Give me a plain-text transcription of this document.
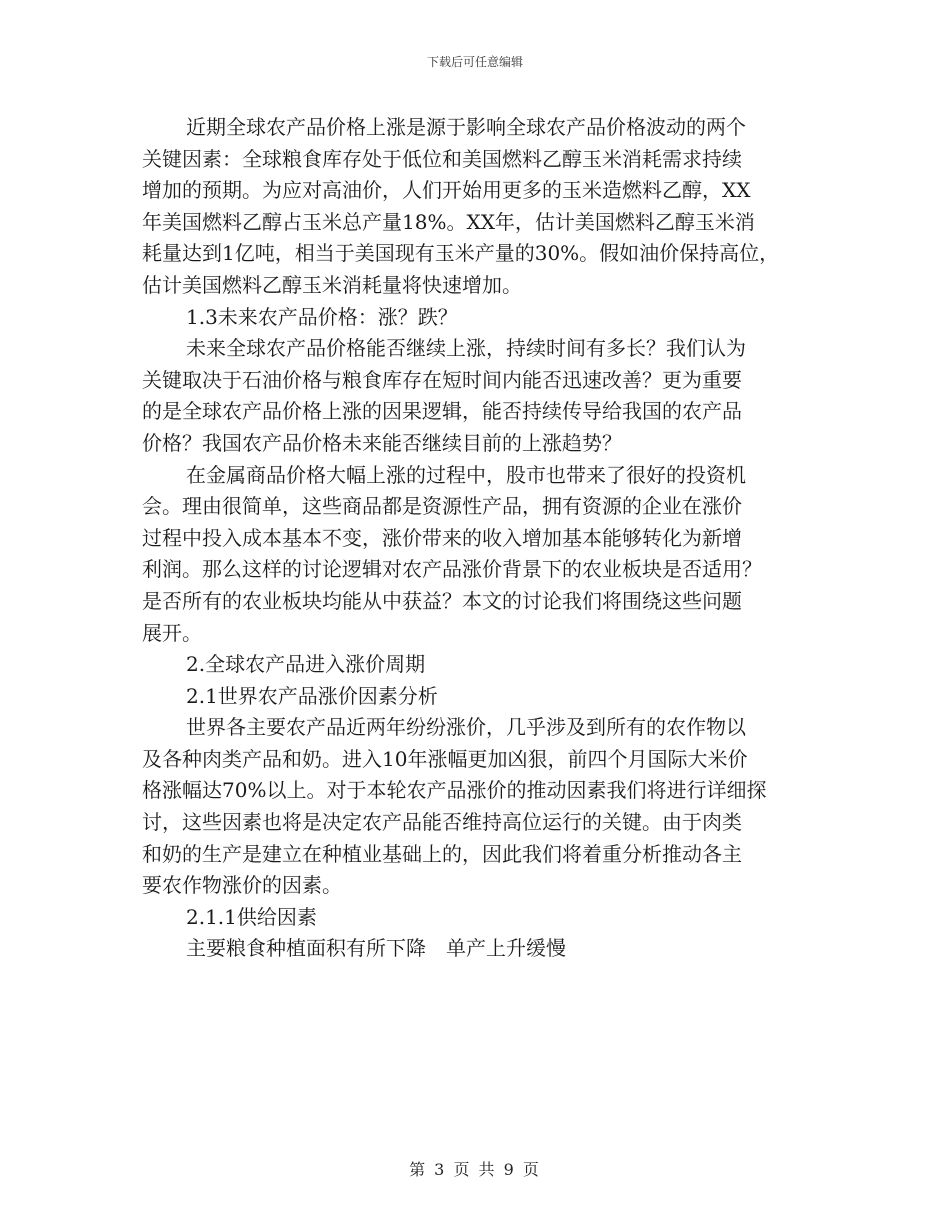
下载后可任意编辑
近期全球农产品价格上涨是源于影响全球农产品价格波动的两个
关键因素：全球粮食库存处于低位和美国燃料乙醇玉米消耗需求持续
增加的预期。为应对高油价，人们开始用更多的玉米造燃料乙醇，XX
年美国燃料乙醇占玉米总产量18%。XX年，估计美国燃料乙醇玉米消
耗量达到1亿吨，相当于美国现有玉米产量的30%。假如油价保持高位，
估计美国燃料乙醇玉米消耗量将快速增加。
1.3未来农产品价格：涨？跌？
未来全球农产品价格能否继续上涨，持续时间有多长？我们认为
关键取决于石油价格与粮食库存在短时间内能否迅速改善？更为重要
的是全球农产品价格上涨的因果逻辑，能否持续传导给我国的农产品
价格？我国农产品价格未来能否继续目前的上涨趋势？
在金属商品价格大幅上涨的过程中，股市也带来了很好的投资机
会。理由很简单，这些商品都是资源性产品，拥有资源的企业在涨价
过程中投入成本基本不变，涨价带来的收入增加基本能够转化为新增
利润。那么这样的讨论逻辑对农产品涨价背景下的农业板块是否适用？
是否所有的农业板块均能从中获益？本文的讨论我们将围绕这些问题
展开。
2.全球农产品进入涨价周期
2.1世界农产品涨价因素分析
世界各主要农产品近两年纷纷涨价，几乎涉及到所有的农作物以
及各种肉类产品和奶。进入10年涨幅更加凶狠，前四个月国际大米价
格涨幅达70%以上。对于本轮农产品涨价的推动因素我们将进行详细探
讨，这些因素也将是决定农产品能否维持高位运行的关键。由于肉类
和奶的生产是建立在种植业基础上的，因此我们将着重分析推动各主
要农作物涨价的因素。
2.1.1供给因素
主要粮食种植面积有所下降　单产上升缓慢
第 3 页 共 9 页
